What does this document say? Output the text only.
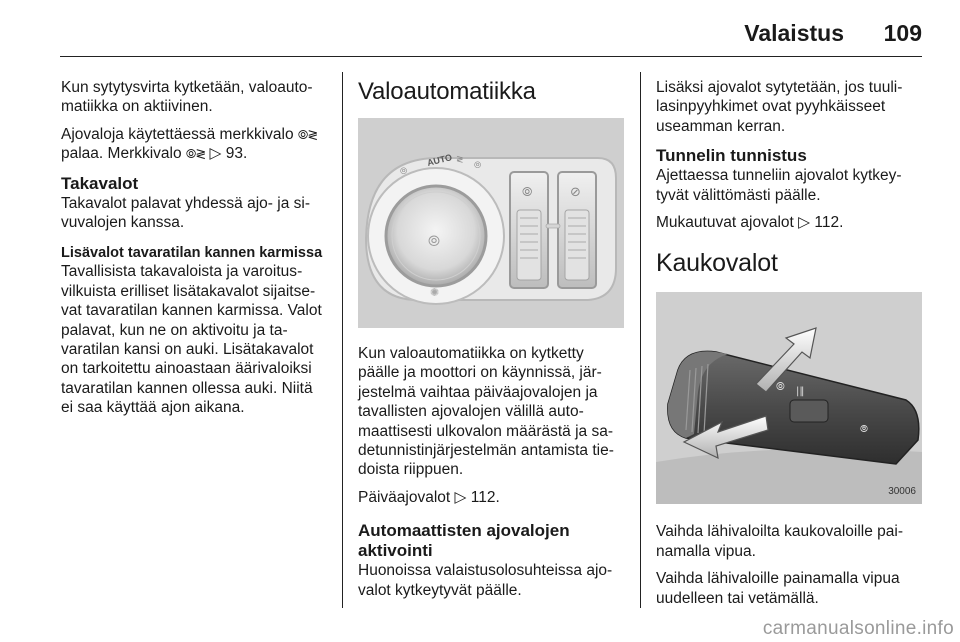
Valaistus 109

Kun sytytysvirta kytketään, valoautomatiikka on aktiivinen.

Ajovaloja käytettäessä merkkivalo ⦾≷ palaa. Merkkivalo ⦾≷ ▷ 93.

Takavalot

Takavalot palavat yhdessä ajo- ja sivuvalojen kanssa.

Lisävalot tavaratilan kannen karmissa

Tavallisista takavaloista ja varoitusvilkuista erilliset lisätakavalot sijaitsevat tavaratilan kannen karmissa. Valot palavat, kun ne on aktivoitu ja tavaratilan kansi on auki. Lisätakavalot on tarkoitettu ainoastaan äärivaloiksi tavaratilan kannen ollessa auki. Niitä ei saa käyttää ajon aikana.

Valoautomatiikka
AUTO
⦾
≷
⦾
⦾
✺
⦾	⊘

Kun valoautomatiikka on kytketty päälle ja moottori on käynnissä, järjestelmä vaihtaa päiväajovalojen ja tavallisten ajovalojen välillä automaattisesti ulkovalon määrästä ja sadetunnistinjärjestelmän antamista tiedoista riippuen.

Päiväajovalot ▷ 112.

Automaattisten ajovalojen aktivointi

Huonoissa valaistusolosuhteissa ajovalot kytkeytyvät päälle.

Lisäksi ajovalot sytytetään, jos tuulilasinpyyhkimet ovat pyyhkäisseet useamman kerran.

Tunnelin tunnistus

Ajettaessa tunneliin ajovalot kytkeytyvät välittömästi päälle.

Mukautuvat ajovalot ▷ 112.

Kaukovalot
⦾ |‖
⦾
30006

Vaihda lähivaloilta kaukovaloille painamalla vipua.

Vaihda lähivaloille painamalla vipua uudelleen tai vetämällä.

carmanualsonline.info
